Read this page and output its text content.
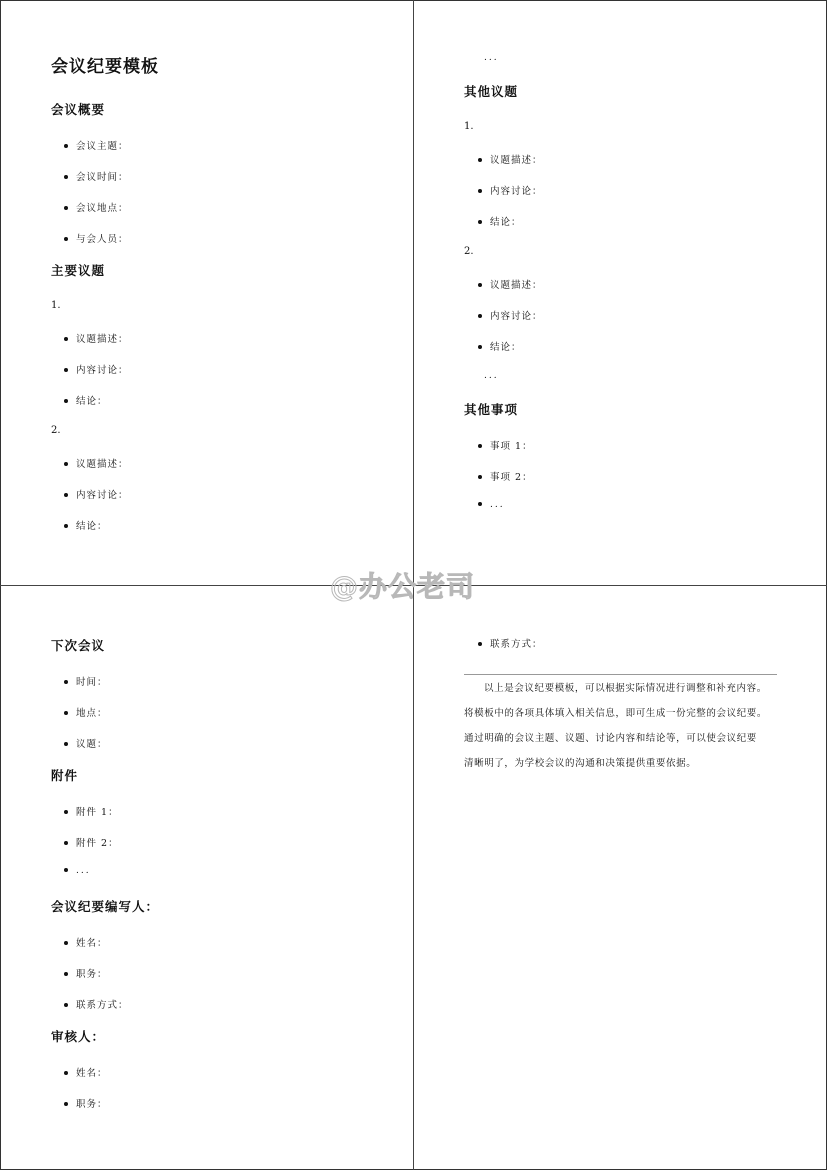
会议纪要模板
会议概要
会议主题：
会议时间：
会议地点：
与会人员：
主要议题
1.
议题描述：
内容讨论：
结论：
2.
议题描述：
内容讨论：
结论：
...
其他议题
1.
议题描述：
内容讨论：
结论：
2.
议题描述：
内容讨论：
结论：
...
其他事项
事项 1：
事项 2：
...
下次会议
时间：
地点：
议题：
附件
附件 1：
附件 2：
...
会议纪要编写人：
姓名：
职务：
联系方式：
审核人：
姓名：
职务：
联系方式：
以上是会议纪要模板，可以根据实际情况进行调整和补充内容。
将模板中的各项具体填入相关信息，即可生成一份完整的会议纪要。
通过明确的会议主题、议题、讨论内容和结论等，可以使会议纪要
清晰明了，为学校会议的沟通和决策提供重要依据。
@办公老司
